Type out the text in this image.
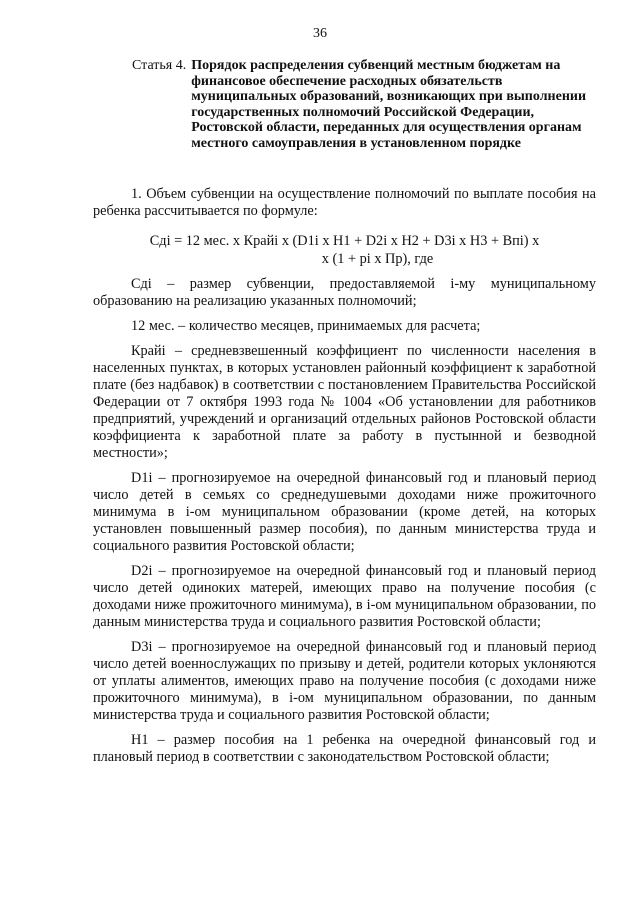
36
Статья 4. Порядок распределения субвенций местным бюджетам на финансовое обеспечение расходных обязательств муниципальных образований, возникающих при выполнении государственных полномочий Российской Федерации, Ростовской области, переданных для осуществления органам местного самоуправления в установленном порядке

1. Объем субвенции на осуществление полномочий по выплате пособия на ребенка рассчитывается по формуле:

Сдi = 12 мес. х Крайi х (D1i х Н1 + D2i х Н2 + D3i х Н3 + Впi) х
х (1 + pi х Пр), где

Сдi – размер субвенции, предоставляемой i-му муниципальному образованию на реализацию указанных полномочий;

12 мес. – количество месяцев, принимаемых для расчета;

Крайi – средневзвешенный коэффициент по численности населения в населенных пунктах, в которых установлен районный коэффициент к заработной плате (без надбавок) в соответствии с постановлением Правительства Российской Федерации от 7 октября 1993 года № 1004 «Об установлении для работников предприятий, учреждений и организаций отдельных районов Ростовской области коэффициента к заработной плате за работу в пустынной и безводной местности»;

D1i – прогнозируемое на очередной финансовый год и плановый период число детей в семьях со среднедушевыми доходами ниже прожиточного минимума в i-ом муниципальном образовании (кроме детей, на которых установлен повышенный размер пособия), по данным министерства труда и социального развития Ростовской области;

D2i – прогнозируемое на очередной финансовый год и плановый период число детей одиноких матерей, имеющих право на получение пособия (с доходами ниже прожиточного минимума), в i-ом муниципальном образовании, по данным министерства труда и социального развития Ростовской области;

D3i – прогнозируемое на очередной финансовый год и плановый период число детей военнослужащих по призыву и детей, родители которых уклоняются от уплаты алиментов, имеющих право на получение пособия (с доходами ниже прожиточного минимума), в i-ом муниципальном образовании, по данным министерства труда и социального развития Ростовской области;

Н1 – размер пособия на 1 ребенка на очередной финансовый год и плановый период в соответствии с законодательством Ростовской области;
